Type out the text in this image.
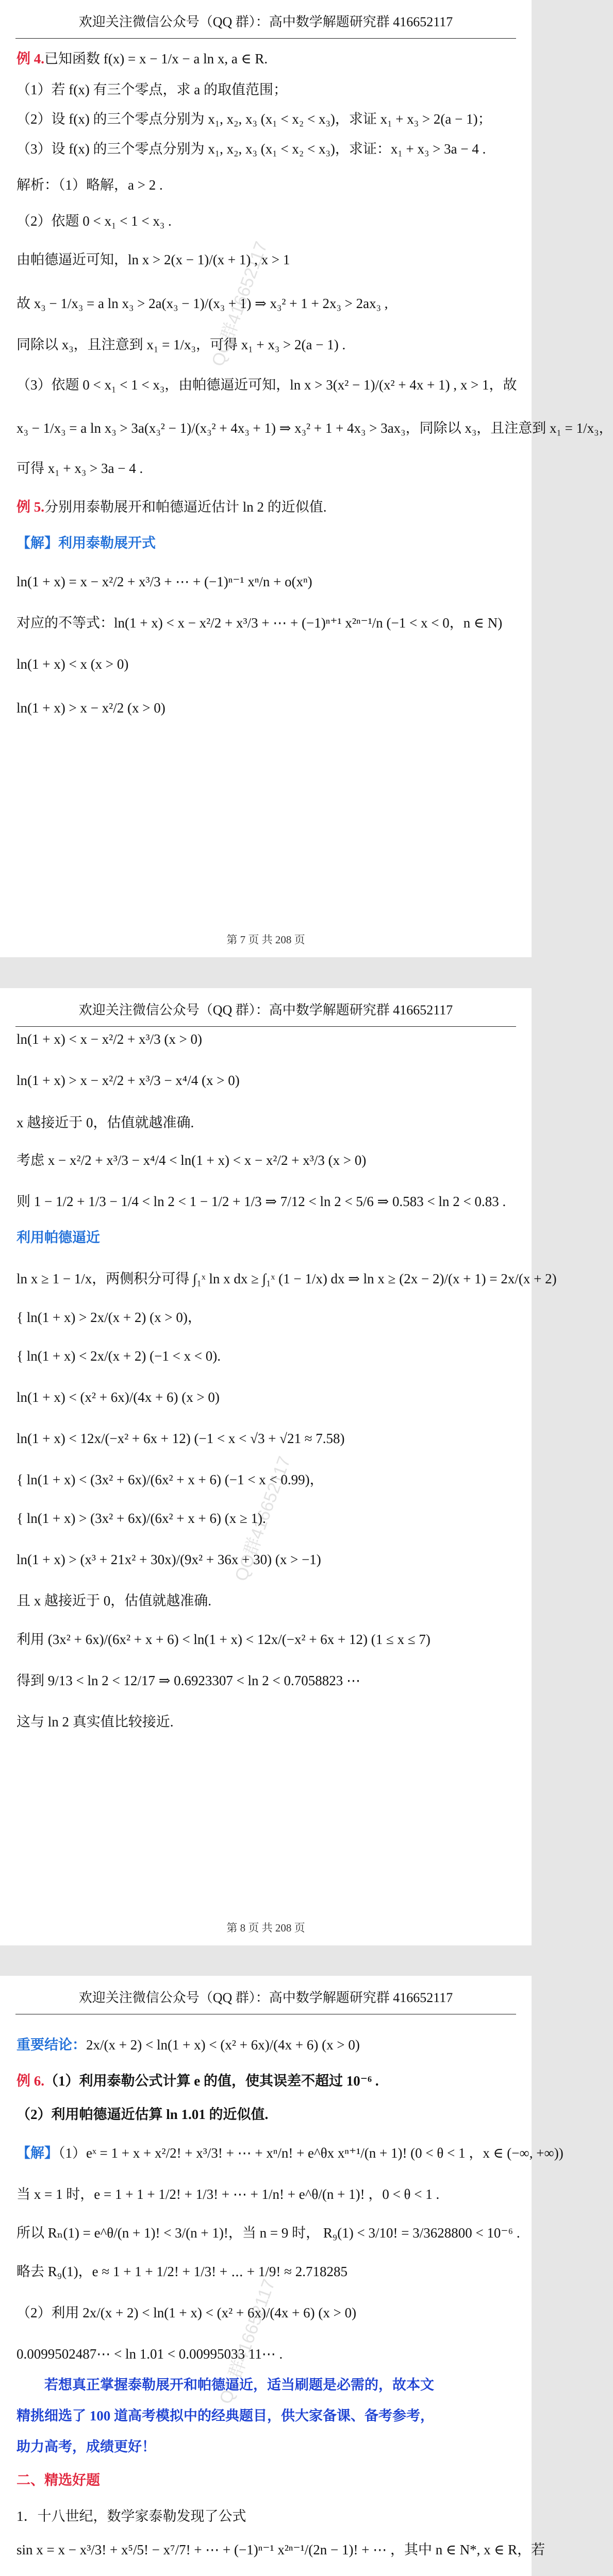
欢迎关注微信公众号（QQ 群）：高中数学解题研究群 416652117
QQ群416652117
例 4.已知函数 f(x) = x − 1/x − a ln x, a ∈ R.
（1）若 f(x) 有三个零点，求 a 的取值范围；
（2）设 f(x) 的三个零点分别为 x₁, x₂, x₃ (x₁ < x₂ < x₃)，求证 x₁ + x₃ > 2(a − 1)；
（3）设 f(x) 的三个零点分别为 x₁, x₂, x₃ (x₁ < x₂ < x₃)，求证：x₁ + x₃ > 3a − 4 .
解析：（1）略解，a > 2 .
（2）依题 0 < x₁ < 1 < x₃ .
由帕德逼近可知，ln x > 2(x − 1)/(x + 1) , x > 1
故 x₃ − 1/x₃ = a ln x₃ > 2a(x₃ − 1)/(x₃ + 1) ⇒ x₃² + 1 + 2x₃ > 2ax₃ ,
同除以 x₃，且注意到 x₁ = 1/x₃，可得 x₁ + x₃ > 2(a − 1) .
（3）依题 0 < x₁ < 1 < x₃，由帕德逼近可知，ln x > 3(x² − 1)/(x² + 4x + 1) , x > 1，故
x₃ − 1/x₃ = a ln x₃ > 3a(x₃² − 1)/(x₃² + 4x₃ + 1) ⇒ x₃² + 1 + 4x₃ > 3ax₃，同除以 x₃，且注意到 x₁ = 1/x₃，
可得 x₁ + x₃ > 3a − 4 .
例 5.分别用泰勒展开和帕德逼近估计 ln 2 的近似值.
【解】利用泰勒展开式
ln(1 + x) = x − x²/2 + x³/3 + ⋯ + (−1)ⁿ⁻¹ xⁿ/n + o(xⁿ)
对应的不等式：ln(1 + x) < x − x²/2 + x³/3 + ⋯ + (−1)ⁿ⁺¹ x²ⁿ⁻¹/n (−1 < x < 0，n ∈ N)
ln(1 + x) < x (x > 0)
ln(1 + x) > x − x²/2 (x > 0)
第 7 页 共 208 页
欢迎关注微信公众号（QQ 群）：高中数学解题研究群 416652117
QQ群416652117
ln(1 + x) < x − x²/2 + x³/3 (x > 0)
ln(1 + x) > x − x²/2 + x³/3 − x⁴/4 (x > 0)
x 越接近于 0，估值就越准确.
考虑 x − x²/2 + x³/3 − x⁴/4 < ln(1 + x) < x − x²/2 + x³/3 (x > 0)
则 1 − 1/2 + 1/3 − 1/4 < ln 2 < 1 − 1/2 + 1/3 ⇒ 7/12 < ln 2 < 5/6 ⇒ 0.583 < ln 2 < 0.83 .
利用帕德逼近
ln x ≥ 1 − 1/x，两侧积分可得 ∫₁ˣ ln x dx ≥ ∫₁ˣ (1 − 1/x) dx ⇒ ln x ≥ (2x − 2)/(x + 1) = 2x/(x + 2)
{ ln(1 + x) > 2x/(x + 2) (x > 0)，
{ ln(1 + x) < 2x/(x + 2) (−1 < x < 0).
ln(1 + x) < (x² + 6x)/(4x + 6) (x > 0)
ln(1 + x) < 12x/(−x² + 6x + 12) (−1 < x < √3 + √21 ≈ 7.58)
{ ln(1 + x) < (3x² + 6x)/(6x² + x + 6) (−1 < x < 0.99)，
{ ln(1 + x) > (3x² + 6x)/(6x² + x + 6) (x ≥ 1).
ln(1 + x) > (x³ + 21x² + 30x)/(9x² + 36x + 30) (x > −1)
且 x 越接近于 0，估值就越准确.
利用 (3x² + 6x)/(6x² + x + 6) < ln(1 + x) < 12x/(−x² + 6x + 12) (1 ≤ x ≤ 7)
得到 9/13 < ln 2 < 12/17 ⇒ 0.6923307 < ln 2 < 0.7058823 ⋯
这与 ln 2 真实值比较接近.
第 8 页 共 208 页
欢迎关注微信公众号（QQ 群）：高中数学解题研究群 416652117
QQ群416652117
重要结论：2x/(x + 2) < ln(1 + x) < (x² + 6x)/(4x + 6) (x > 0)
例 6.（1）利用泰勒公式计算 e 的值，使其误差不超过 10⁻⁶ .
（2）利用帕德逼近估算 ln 1.01 的近似值.
【解】（1）eˣ = 1 + x + x²/2! + x³/3! + ⋯ + xⁿ/n! + e^θx xⁿ⁺¹/(n + 1)! (0 < θ < 1 ，x ∈ (−∞, +∞))
当 x = 1 时，e = 1 + 1 + 1/2! + 1/3! + ⋯ + 1/n! + e^θ/(n + 1)! ，0 < θ < 1 .
所以 Rₙ(1) = e^θ/(n + 1)! < 3/(n + 1)!，当 n = 9 时， R₉(1) < 3/10! = 3/3628800 < 10⁻⁶ .
略去 R₉(1)，e ≈ 1 + 1 + 1/2! + 1/3! + ⋯ + 1/9! ≈ 2.718285
（2）利用 2x/(x + 2) < ln(1 + x) < (x² + 6x)/(4x + 6) (x > 0)
0.0099502487⋯ < ln 1.01 < 0.00995033 11⋯ .
　　若想真正掌握泰勒展开和帕德逼近，适当刷题是必需的，故本文
精挑细选了 100 道高考模拟中的经典题目，供大家备课、备考参考，
助力高考，成绩更好！
二、精选好题
1．十八世纪，数学家泰勒发现了公式
sin x = x − x³/3! + x⁵/5! − x⁷/7! + ⋯ + (−1)ⁿ⁻¹ x²ⁿ⁻¹/(2n − 1)! + ⋯ ，其中 n ∈ N*, x ∈ R，若
